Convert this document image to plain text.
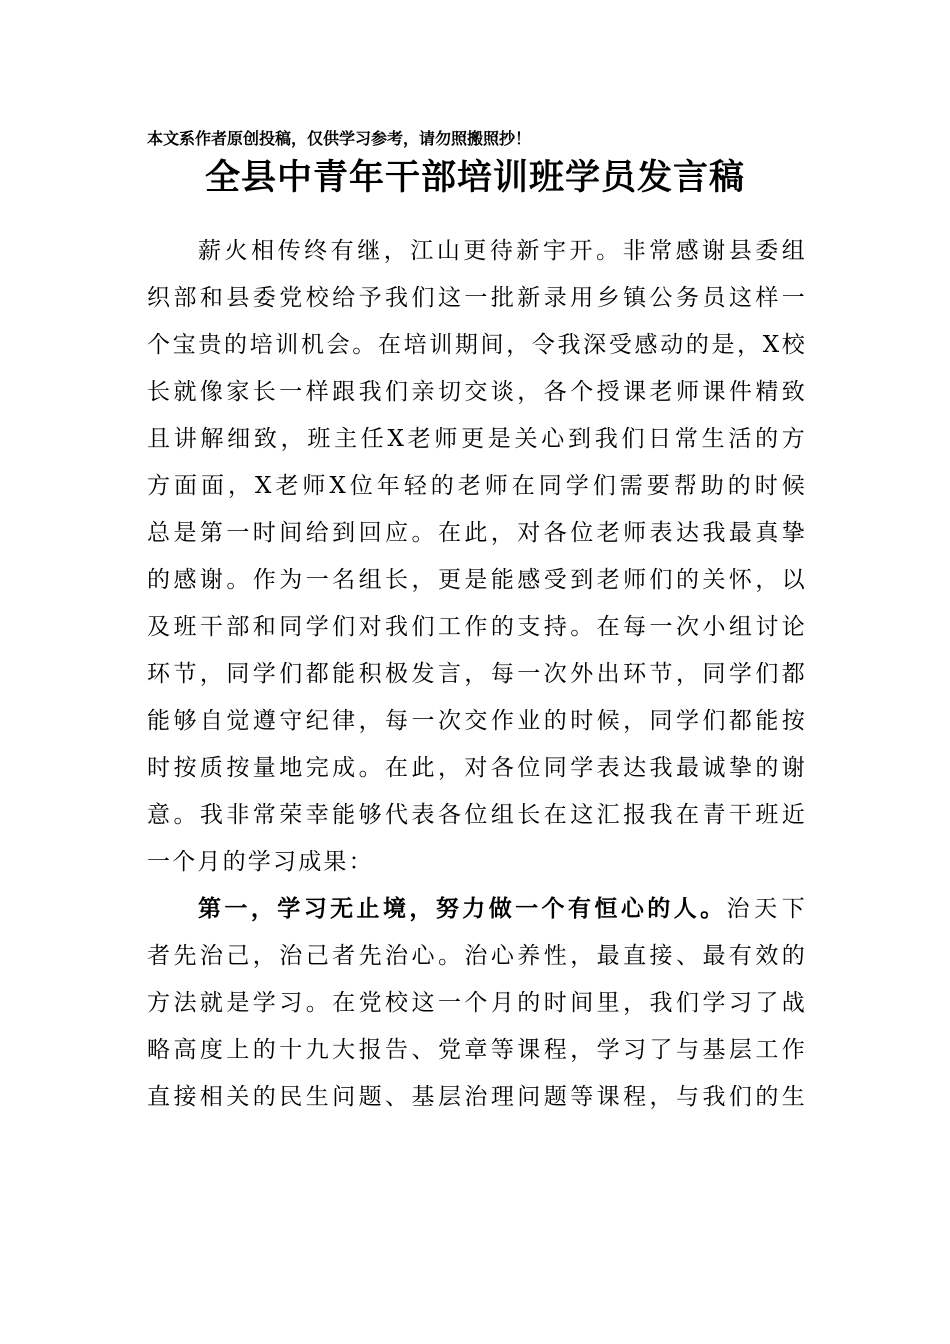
本文系作者原创投稿，仅供学习参考，请勿照搬照抄！
全县中青年干部培训班学员发言稿
薪火相传终有继，江山更待新宇开。非常感谢县委组
织部和县委党校给予我们这一批新录用乡镇公务员这样一
个宝贵的培训机会。在培训期间，令我深受感动的是，X校
长就像家长一样跟我们亲切交谈，各个授课老师课件精致
且讲解细致，班主任X老师更是关心到我们日常生活的方
方面面，X老师X位年轻的老师在同学们需要帮助的时候
总是第一时间给到回应。在此，对各位老师表达我最真挚
的感谢。作为一名组长，更是能感受到老师们的关怀，以
及班干部和同学们对我们工作的支持。在每一次小组讨论
环节，同学们都能积极发言，每一次外出环节，同学们都
能够自觉遵守纪律，每一次交作业的时候，同学们都能按
时按质按量地完成。在此，对各位同学表达我最诚挚的谢
意。我非常荣幸能够代表各位组长在这汇报我在青干班近
一个月的学习成果：
第一，学习无止境，努力做一个有恒心的人。治天下
者先治己，治己者先治心。治心养性，最直接、最有效的
方法就是学习。在党校这一个月的时间里，我们学习了战
略高度上的十九大报告、党章等课程，学习了与基层工作
直接相关的民生问题、基层治理问题等课程，与我们的生
